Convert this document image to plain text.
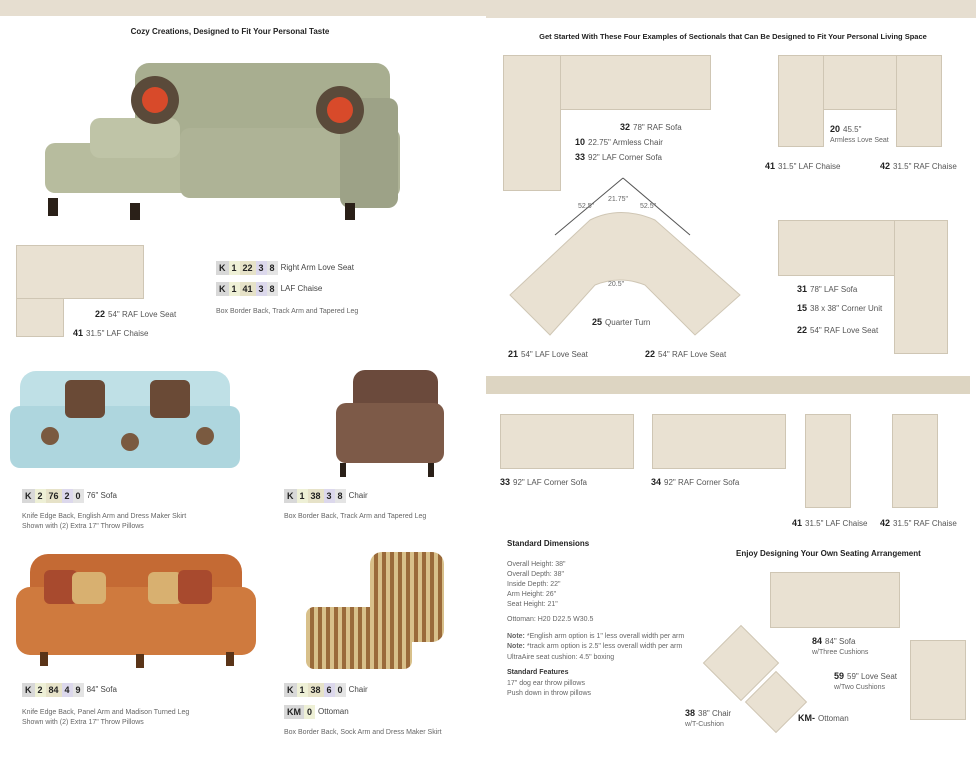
Cozy Creations, Designed to Fit Your Personal Taste
22 54" RAF Love Seat
41 31.5" LAF Chaise
K 1 22 3 8 Right Arm Love Seat
K 1 41 3 8 LAF Chaise
Box Border Back, Track Arm and Tapered Leg
K 2 76 2 0 76" Sofa
Knife Edge Back, English Arm and Dress Maker Skirt
Shown with (2) Extra 17" Throw Pillows
K 1 38 3 8 Chair
Box Border Back, Track Arm and Tapered Leg
K 2 84 4 9 84" Sofa
Knife Edge Back, Panel Arm and Madison Turned Leg
Shown with (2) Extra 17" Throw Pillows
K 1 38 6 0 Chair
KM 0 Ottoman
Box Border Back, Sock Arm and Dress Maker Skirt
Get Started With These Four Examples of Sectionals that Can Be Designed to Fit Your Personal Living Space
32 78" RAF Sofa
10 22.75" Armless Chair
33 92" LAF Corner Sofa
20 45.5"
Armless Love Seat
41 31.5" LAF Chaise	42 31.5" RAF Chaise
52.5"
21.75"
52.5"
20.5"
25 Quarter Turn
21 54" LAF Love Seat	22 54" RAF Love Seat
31 78" LAF Sofa
15 38 x 38" Corner Unit
22 54" RAF Love Seat
33 92" LAF Corner Sofa	34 92" RAF Corner Sofa
41 31.5" LAF Chaise 42 31.5" RAF Chaise
Standard Dimensions
Overall Height: 38"
Overall Depth: 38"
Inside Depth: 22"
Arm Height: 26"
Seat Height: 21"
Ottoman: H20 D22.5 W30.5
Note: *English arm option is 1" less overall width per arm
Note: *track arm option is 2.5" less overall width per arm
UltraAire seat cushion: 4.5" boxing
Standard Features
17" dog ear throw pillows
Push down in throw pillows
Enjoy Designing Your Own Seating Arrangement
84 84" Sofa
w/Three Cushions
59 59" Love Seat
w/Two Cushions
38 38" Chair
w/T-Cushion
KM- Ottoman
